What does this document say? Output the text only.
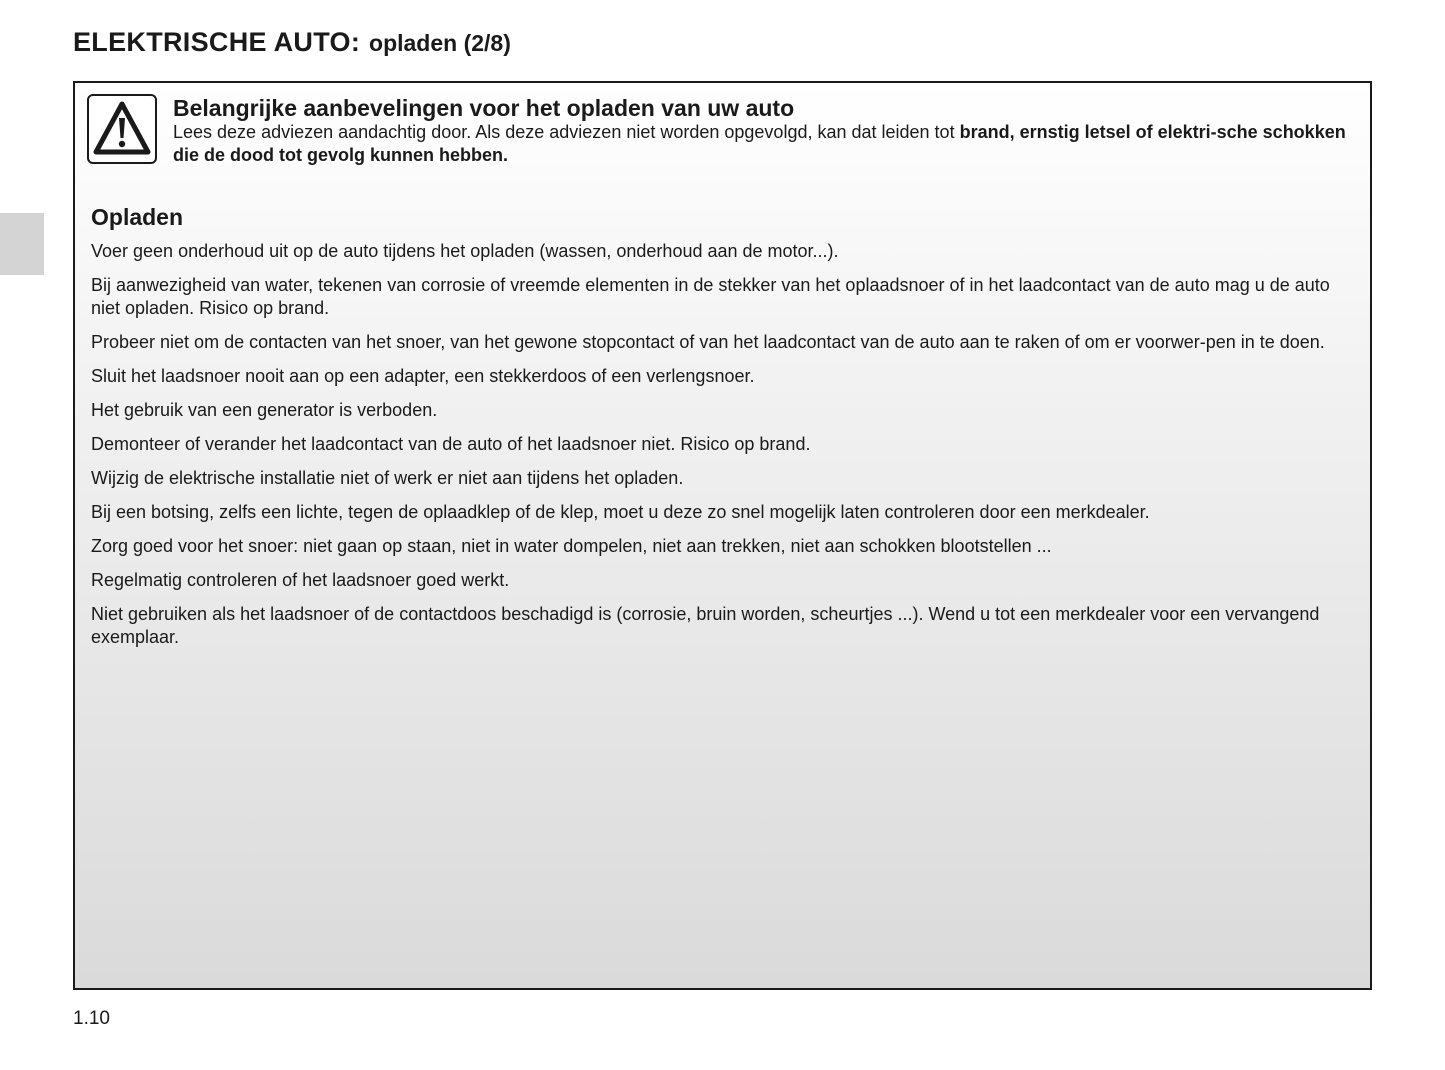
ELEKTRISCHE AUTO: opladen (2/8)
Belangrijke aanbevelingen voor het opladen van uw auto

Lees deze adviezen aandachtig door. Als deze adviezen niet worden opgevolgd, kan dat leiden tot brand, ernstig letsel of elektri-sche schokken die de dood tot gevolg kunnen hebben.

Opladen

Voer geen onderhoud uit op de auto tijdens het opladen (wassen, onderhoud aan de motor...).

Bij aanwezigheid van water, tekenen van corrosie of vreemde elementen in de stekker van het oplaadsnoer of in het laadcontact van de auto mag u de auto niet opladen. Risico op brand.

Probeer niet om de contacten van het snoer, van het gewone stopcontact of van het laadcontact van de auto aan te raken of om er voorwer-pen in te doen.

Sluit het laadsnoer nooit aan op een adapter, een stekkerdoos of een verlengsnoer.

Het gebruik van een generator is verboden.

Demonteer of verander het laadcontact van de auto of het laadsnoer niet. Risico op brand.

Wijzig de elektrische installatie niet of werk er niet aan tijdens het opladen.

Bij een botsing, zelfs een lichte, tegen de oplaadklep of de klep, moet u deze zo snel mogelijk laten controleren door een merkdealer.

Zorg goed voor het snoer: niet gaan op staan, niet in water dompelen, niet aan trekken, niet aan schokken blootstellen ...

Regelmatig controleren of het laadsnoer goed werkt.

Niet gebruiken als het laadsnoer of de contactdoos beschadigd is (corrosie, bruin worden, scheurtjes ...). Wend u tot een merkdealer voor een vervangend exemplaar.

1.10
